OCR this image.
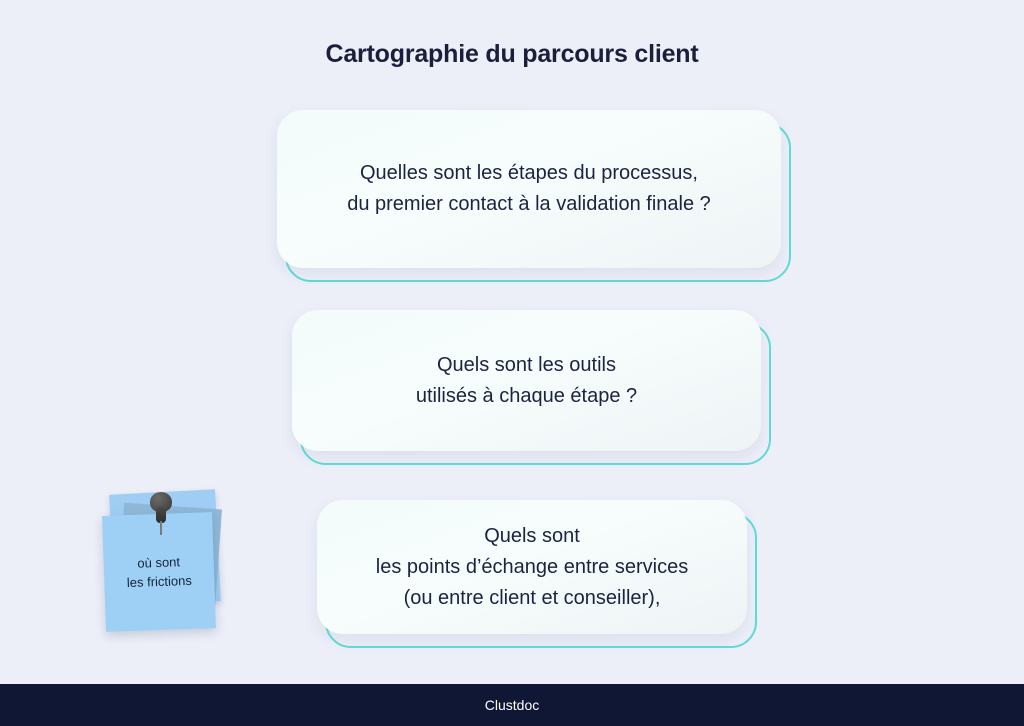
Cartographie du parcours client
Quelles sont les étapes du processus,
du premier contact à la validation finale ?
Quels sont les outils
utilisés à chaque étape ?
Quels sont
les points d’échange entre services
(ou entre client et conseiller),
où sont
les frictions
Clustdoc
